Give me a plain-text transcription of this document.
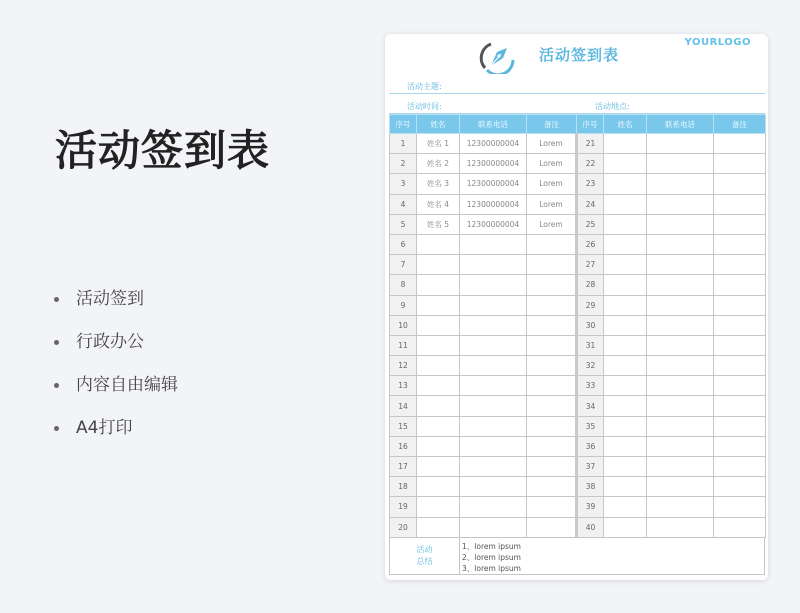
活动签到表
活动签到
行政办公
内容自由编辑
A4打印
活动签到表
YOURLOGO
活动主题:
活动时间:	活动地点:
序号	姓名	联系电话	备注	序号	姓名	联系电话	备注
1	姓名 1	12300000004	Lorem	21			
2	姓名 2	12300000004	Lorem	22			
3	姓名 3	12300000004	Lorem	23			
4	姓名 4	12300000004	Lorem	24			
5	姓名 5	12300000004	Lorem	25			
6				26			
7				27			
8				28			
9				29			
10				30			
11				31			
12				32			
13				33			
14				34			
15				35			
16				36			
17				37			
18				38			
19				39			
20				40			
活动
总结
1、lorem ipsum
2、lorem ipsum
3、lorem ipsum
